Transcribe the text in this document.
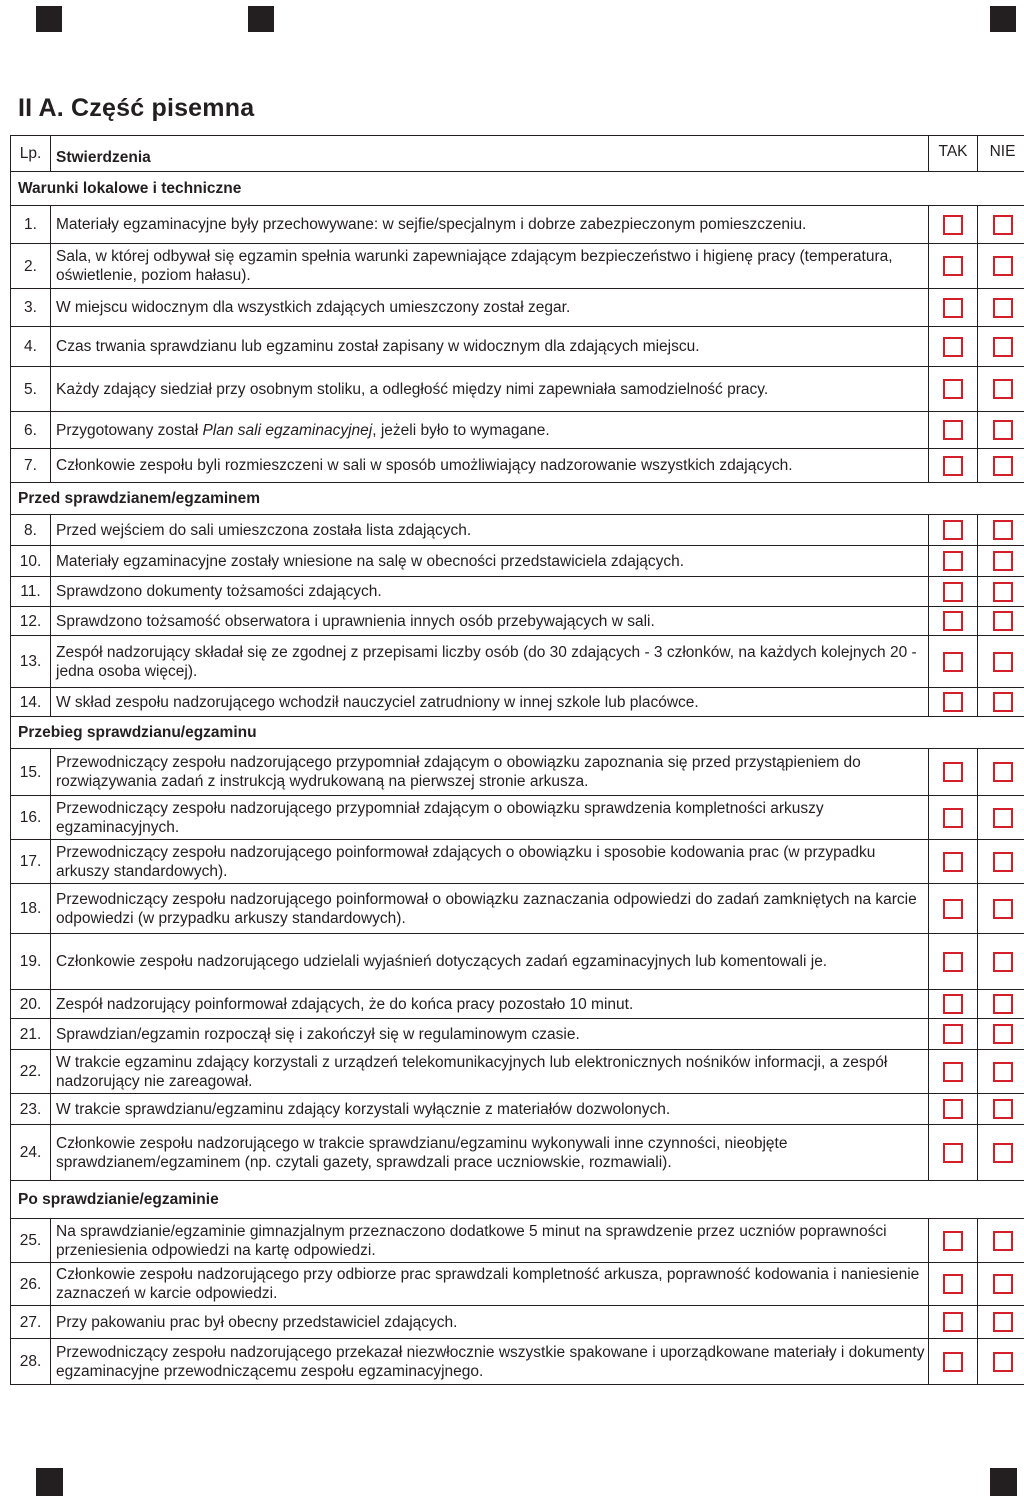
II A. Część pisemna
Lp.	Stwierdzenia	TAK	NIE
Warunki lokalowe i techniczne			
1.	Materiały egzaminacyjne były przechowywane: w sejfie/specjalnym i dobrze zabezpieczonym pomieszczeniu.		
2.	Sala, w której odbywał się egzamin spełnia warunki zapewniające zdającym bezpieczeństwo i higienę pracy (temperatura, oświetlenie, poziom hałasu).		
3.	W miejscu widocznym dla wszystkich zdających umieszczony został zegar.		
4.	Czas trwania sprawdzianu lub egzaminu został zapisany w widocznym dla zdających miejscu.		
5.	Każdy zdający siedział przy osobnym stoliku, a odległość między nimi zapewniała samodzielność pracy.		
6.	Przygotowany został Plan sali egzaminacyjnej, jeżeli było to wymagane.		
7.	Członkowie zespołu byli rozmieszczeni w sali w sposób umożliwiający nadzorowanie wszystkich zdających.		
Przed sprawdzianem/egzaminem			
8.	Przed wejściem do sali umieszczona została lista zdających.		
10.	Materiały egzaminacyjne zostały wniesione na salę w obecności przedstawiciela zdających.		
11.	Sprawdzono dokumenty tożsamości zdających.		
12.	Sprawdzono tożsamość obserwatora i uprawnienia innych osób przebywających w sali.		
13.	Zespół nadzorujący składał się ze zgodnej z przepisami liczby osób (do 30 zdających - 3 członków, na każdych kolejnych 20 - jedna osoba więcej).		
14.	W skład zespołu nadzorującego wchodził nauczyciel zatrudniony w innej szkole lub placówce.		
Przebieg sprawdzianu/egzaminu			
15.	Przewodniczący zespołu nadzorującego przypomniał zdającym o obowiązku zapoznania się przed przystąpieniem do rozwiązywania zadań z instrukcją wydrukowaną na pierwszej stronie arkusza.		
16.	Przewodniczący zespołu nadzorującego przypomniał zdającym o obowiązku sprawdzenia kompletności arkuszy egzaminacyjnych.		
17.	Przewodniczący zespołu nadzorującego poinformował zdających o obowiązku i sposobie kodowania prac (w przypadku arkuszy standardowych).		
18.	Przewodniczący zespołu nadzorującego poinformował o obowiązku zaznaczania odpowiedzi do zadań zamkniętych na karcie odpowiedzi (w przypadku arkuszy standardowych).		
19.	Członkowie zespołu nadzorującego udzielali wyjaśnień dotyczących zadań egzaminacyjnych lub komentowali je.		
20.	Zespół nadzorujący poinformował zdających, że do końca pracy pozostało 10 minut.		
21.	Sprawdzian/egzamin rozpoczął się i zakończył się w regulaminowym czasie.		
22.	W trakcie egzaminu zdający korzystali z urządzeń telekomunikacyjnych lub elektronicznych nośników informacji, a zespół nadzorujący nie zareagował.		
23.	W trakcie sprawdzianu/egzaminu zdający korzystali wyłącznie z materiałów dozwolonych.		
24.	Członkowie zespołu nadzorującego w trakcie sprawdzianu/egzaminu wykonywali inne czynności, nieobjęte sprawdzianem/egzaminem (np. czytali gazety, sprawdzali prace uczniowskie, rozmawiali).		
Po sprawdzianie/egzaminie			
25.	Na sprawdzianie/egzaminie gimnazjalnym przeznaczono dodatkowe 5 minut na sprawdzenie przez uczniów poprawności przeniesienia odpowiedzi na kartę odpowiedzi.		
26.	Członkowie zespołu nadzorującego przy odbiorze prac sprawdzali kompletność arkusza, poprawność kodowania i naniesienie zaznaczeń w karcie odpowiedzi.		
27.	Przy pakowaniu prac był obecny przedstawiciel zdających.		
28.	Przewodniczący zespołu nadzorującego przekazał niezwłocznie wszystkie spakowane i uporządkowane materiały i dokumenty egzaminacyjne przewodniczącemu zespołu egzaminacyjnego.		
